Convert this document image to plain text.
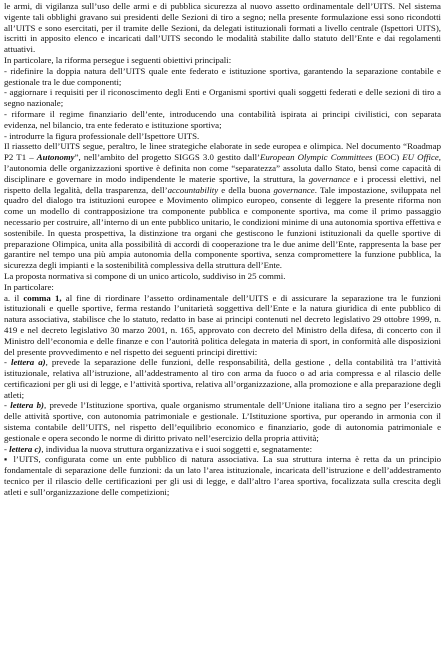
le armi, di vigilanza sull’uso delle armi e di pubblica sicurezza al nuovo assetto ordinamentale dell’UITS. Nel sistema vigente tali obblighi gravano sui presidenti delle Sezioni di tiro a segno; nella presente formulazione essi sono ricondotti all’UITS e sono esercitati, per il tramite delle Sezioni, da delegati istituzionali formati a livello centrale (Ispettori UITS), iscritti in apposito elenco e incaricati dall’UITS secondo le modalità stabilite dallo statuto dell’Ente e dai regolamenti attuativi.

In particolare, la riforma persegue i seguenti obiettivi principali:

- ridefinire la doppia natura dell’UITS quale ente federato e istituzione sportiva, garantendo la separazione contabile e gestionale tra le due componenti;

- aggiornare i requisiti per il riconoscimento degli Enti e Organismi sportivi quali soggetti federati e delle sezioni di tiro a segno nazionale;

- riformare il regime finanziario dell’ente, introducendo una contabilità ispirata ai principi civilistici, con separata evidenza, nel bilancio, tra ente federato e istituzione sportiva;

- introdurre la figura professionale dell’Ispettore UITS.

Il riassetto dell’UITS segue, peraltro, le linee strategiche elaborate in sede europea e olimpica. Nel documento “Roadmap P2 T1 – Autonomy”, nell’ambito del progetto SIGGS 3.0 gestito dall’European Olympic Committees (EOC) EU Office, l’autonomia delle organizzazioni sportive è definita non come “separatezza” assoluta dallo Stato, bensì come capacità di disciplinare e governare in modo indipendente le materie sportive, la struttura, la governance e i processi elettivi, nel rispetto della legalità, della trasparenza, dell’accountability e della buona governance. Tale impostazione, sviluppata nel quadro del dialogo tra istituzioni europee e Movimento olimpico europeo, consente di leggere la presente riforma non come un modello di contrapposizione tra componente pubblica e componente sportiva, ma come il primo passaggio necessario per costruire, all’interno di un ente pubblico unitario, le condizioni minime di una autonomia sportiva effettiva e sostenibile. In questa prospettiva, la distinzione tra organi che gestiscono le funzioni istituzionali da quelle sportive di preparazione Olimpica, unita alla possibilità di accordi di cooperazione tra le due anime dell’Ente, rappresenta la base per garantire nel tempo una più ampia autonomia della componente sportiva, senza compromettere la funzione pubblica, la sicurezza degli impianti e la sostenibilità complessiva della struttura dell’Ente.

La proposta normativa si compone di un unico articolo, suddiviso in 25 commi.

In particolare:

a. il comma 1, al fine di riordinare l’assetto ordinamentale dell’UITS e di assicurare la separazione tra le funzioni istituzionali e quelle sportive, ferma restando l’unitarietà soggettiva dell’Ente e la natura giuridica di ente pubblico di natura associativa, stabilisce che lo statuto, redatto in base ai principi contenuti nel decreto legislativo 29 ottobre 1999, n. 419 e nel decreto legislativo 30 marzo 2001, n. 165, approvato con decreto del Ministro della difesa, di concerto con il Ministro dell’economia e delle finanze e con l’autorità politica delegata in materia di sport, in conformità alle disposizioni del presente provvedimento e nel rispetto dei seguenti principi direttivi:

- lettera a), prevede la separazione delle funzioni, delle responsabilità, della gestione , della contabilità tra l’attività istituzionale, relativa all’istruzione, all’addestramento al tiro con arma da fuoco o ad aria compressa e al rilascio delle certificazioni per gli usi di legge, e l’attività sportiva, relativa all’organizzazione, alla promozione e alla preparazione degli atleti;

- lettera b), prevede l’Istituzione sportiva, quale organismo strumentale dell’Unione italiana tiro a segno per l’esercizio delle attività sportive, con autonomia patrimoniale e gestionale. L’Istituzione sportiva, pur operando in armonia con il sistema contabile dell’UITS, nel rispetto dell’equilibrio economico e finanziario, gode di autonomia patrimoniale e gestionale e opera secondo le norme di diritto privato nell’esercizio della propria attività;

- lettera c), individua la nuova struttura organizzativa e i suoi soggetti e, segnatamente:

▪ l’UITS, configurata come un ente pubblico di natura associativa. La sua struttura interna è retta da un principio fondamentale di separazione delle funzioni: da un lato l’area istituzionale, incaricata dell’istruzione e dell’addestramento tecnico per il rilascio delle certificazioni per gli usi di legge, e dall’altro l’area sportiva, focalizzata sulla crescita degli atleti e sull’organizzazione delle competizioni;
